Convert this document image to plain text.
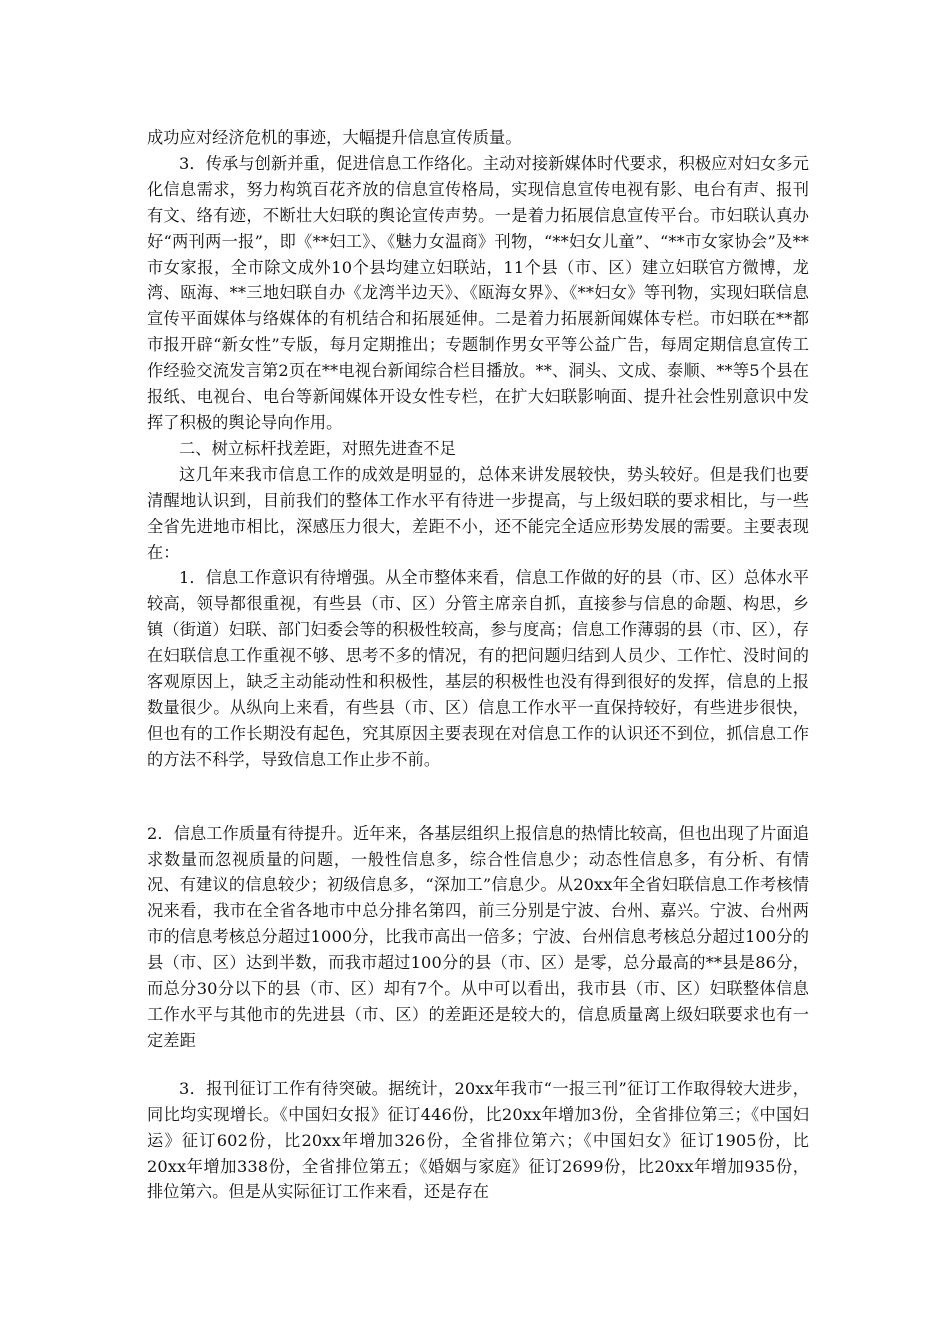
成功应对经济危机的事迹，大幅提升信息宣传质量。

3．传承与创新并重，促进信息工作络化。主动对接新媒体时代要求，积极应对妇女多元化信息需求，努力构筑百花齐放的信息宣传格局，实现信息宣传电视有影、电台有声、报刊有文、络有迹，不断壮大妇联的舆论宣传声势。一是着力拓展信息宣传平台。市妇联认真办好“两刊两一报”，即《**妇工》、《魅力女温商》刊物，“**妇女儿童”、“**市女家协会”及**市女家报，全市除文成外10个县均建立妇联站，11个县（市、区）建立妇联官方微博，龙湾、瓯海、**三地妇联自办《龙湾半边天》、《瓯海女界》、《**妇女》等刊物，实现妇联信息宣传平面媒体与络媒体的有机结合和拓展延伸。二是着力拓展新闻媒体专栏。市妇联在**都市报开辟“新女性”专版，每月定期推出；专题制作男女平等公益广告，每周定期信息宣传工作经验交流发言第2页在**电视台新闻综合栏目播放。**、洞头、文成、泰顺、**等5个县在报纸、电视台、电台等新闻媒体开设女性专栏，在扩大妇联影响面、提升社会性别意识中发挥了积极的舆论导向作用。

二、树立标杆找差距，对照先进查不足

这几年来我市信息工作的成效是明显的，总体来讲发展较快，势头较好。但是我们也要清醒地认识到，目前我们的整体工作水平有待进一步提高，与上级妇联的要求相比，与一些全省先进地市相比，深感压力很大，差距不小，还不能完全适应形势发展的需要。主要表现在：

1．信息工作意识有待增强。从全市整体来看，信息工作做的好的县（市、区）总体水平较高，领导都很重视，有些县（市、区）分管主席亲自抓，直接参与信息的命题、构思，乡镇（街道）妇联、部门妇委会等的积极性较高，参与度高；信息工作薄弱的县（市、区），存在妇联信息工作重视不够、思考不多的情况，有的把问题归结到人员少、工作忙、没时间的客观原因上，缺乏主动能动性和积极性，基层的积极性也没有得到很好的发挥，信息的上报数量很少。从纵向上来看，有些县（市、区）信息工作水平一直保持较好，有些进步很快，但也有的工作长期没有起色，究其原因主要表现在对信息工作的认识还不到位，抓信息工作的方法不科学，导致信息工作止步不前。

2．信息工作质量有待提升。近年来，各基层组织上报信息的热情比较高，但也出现了片面追求数量而忽视质量的问题，一般性信息多，综合性信息少；动态性信息多，有分析、有情况、有建议的信息较少；初级信息多，“深加工”信息少。从20xx年全省妇联信息工作考核情况来看，我市在全省各地市中总分排名第四，前三分别是宁波、台州、嘉兴。宁波、台州两市的信息考核总分超过1000分，比我市高出一倍多；宁波、台州信息考核总分超过100分的县（市、区）达到半数，而我市超过100分的县（市、区）是零，总分最高的**县是86分，而总分30分以下的县（市、区）却有7个。从中可以看出，我市县（市、区）妇联整体信息工作水平与其他市的先进县（市、区）的差距还是较大的，信息质量离上级妇联要求也有一定差距

3．报刊征订工作有待突破。据统计，20xx年我市“一报三刊”征订工作取得较大进步，同比均实现增长。《中国妇女报》征订446份，比20xx年增加3份，全省排位第三；《中国妇运》征订602份，比20xx年增加326份，全省排位第六；《中国妇女》征订1905份，比20xx年增加338份，全省排位第五；《婚姻与家庭》征订2699份，比20xx年增加935份，排位第六。但是从实际征订工作来看，还是存在
